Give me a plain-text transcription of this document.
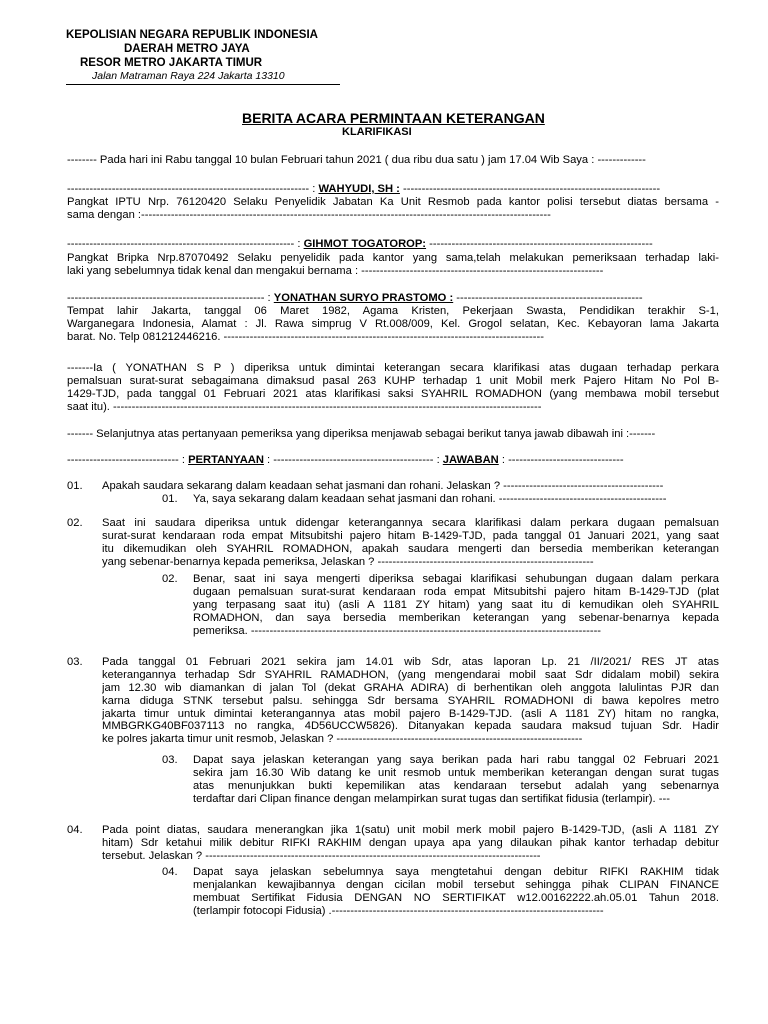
KEPOLISIAN NEGARA REPUBLIK INDONESIA
DAERAH METRO JAYA
RESOR METRO JAKARTA TIMUR
Jalan Matraman Raya 224 Jakarta 13310
BERITA ACARA PERMINTAAN KETERANGAN
KLARIFIKASI
-------- Pada hari ini Rabu tanggal 10 bulan Februari tahun 2021 ( dua ribu dua satu ) jam 17.04 Wib Saya : -------------
----------------------------------------------------------------- : WAHYUDI, SH : ---------------------------------------------------------------------
Pangkat IPTU Nrp. 76120420 Selaku Penyelidik Jabatan Ka Unit Resmob pada kantor polisi tersebut diatas bersama -
sama dengan :--------------------------------------------------------------------------------------------------------------
------------------------------------------------------------- : GIHMOT TOGATOROP: ------------------------------------------------------------
Pangkat Bripka Nrp.87070492 Selaku penyelidik pada kantor yang sama,telah melakukan pemeriksaan terhadap laki-
laki yang sebelumnya tidak kenal dan mengakui bernama : -----------------------------------------------------------------
----------------------------------------------------- : YONATHAN SURYO PRASTOMO : --------------------------------------------------
Tempat lahir Jakarta, tanggal 06 Maret 1982, Agama Kristen, Pekerjaan Swasta, Pendidikan terakhir S-1,
Warganegara Indonesia, Alamat : Jl. Rawa simprug V Rt.008/009, Kel. Grogol selatan, Kec. Kebayoran lama Jakarta
barat. No. Telp 081212446216. --------------------------------------------------------------------------------------
-------Ia ( YONATHAN S P ) diperiksa untuk dimintai keterangan secara klarifikasi atas dugaan terhadap perkara
pemalsuan surat-surat sebagaimana dimaksud pasal 263 KUHP terhadap 1 unit Mobil merk Pajero Hitam No Pol B-
1429-TJD, pada tanggal 01 Februari 2021 atas klarifikasi saksi SYAHRIL ROMADHON (yang membawa mobil tersebut
saat itu). -------------------------------------------------------------------------------------------------------------------
------- Selanjutnya atas pertanyaan pemeriksa yang diperiksa menjawab sebagai berikut tanya jawab dibawah ini :-------
------------------------------ : PERTANYAAN : ------------------------------------------- : JAWABAN : -------------------------------
01. Apakah saudara sekarang dalam keadaan sehat jasmani dan rohani. Jelaskan ? -------------------------------------------
01. Ya, saya sekarang dalam keadaan sehat jasmani dan rohani. ---------------------------------------------
02. Saat ini saudara diperiksa untuk didengar keterangannya secara klarifikasi dalam perkara dugaan pemalsuan
surat-surat kendaraan roda empat Mitsubitshi pajero hitam B-1429-TJD, pada tanggal 01 Januari 2021, yang saat
itu dikemudikan oleh SYAHRIL ROMADHON, apakah saudara mengerti dan bersedia memberikan keterangan
yang sebenar-benarnya kepada pemeriksa, Jelaskan ? ----------------------------------------------------------
02. Benar, saat ini saya mengerti diperiksa sebagai klarifikasi sehubungan dugaan dalam perkara
dugaan pemalsuan surat-surat kendaraan roda empat Mitsubitshi pajero hitam B-1429-TJD (plat
yang terpasang saat itu) (asli A 1181 ZY hitam) yang saat itu di kemudikan oleh SYAHRIL
ROMADHON, dan saya bersedia memberikan keterangan yang sebenar-benarnya kepada
pemeriksa. ----------------------------------------------------------------------------------------------
03. Pada tanggal 01 Februari 2021 sekira jam 14.01 wib Sdr, atas laporan Lp. 21 /II/2021/ RES JT atas
keterangannya terhadap Sdr SYAHRIL RAMADHON, (yang mengendarai mobil saat Sdr didalam mobil) sekira
jam 12.30 wib diamankan di jalan Tol (dekat GRAHA ADIRA) di berhentikan oleh anggota lalulintas PJR dan
karna diduga STNK tersebut palsu. sehingga Sdr bersama SYAHRIL ROMADHONI di bawa kepolres metro
jakarta timur untuk dimintai keterangannya atas mobil pajero B-1429-TJD. (asli A 1181 ZY) hitam no rangka,
MMBGRKG40BF037113 no rangka, 4D56UCCW5826). Ditanyakan kepada saudara maksud tujuan Sdr. Hadir
ke polres jakarta timur unit resmob, Jelaskan ? ------------------------------------------------------------------
03. Dapat saya jelaskan keterangan yang saya berikan pada hari rabu tanggal 02 Februari 2021
sekira jam 16.30 Wib datang ke unit resmob untuk memberikan keterangan dengan surat tugas
atas menunjukkan bukti kepemilikan atas kendaraan tersebut adalah yang sebenarnya
terdaftar dari Clipan finance dengan melampirkan surat tugas dan sertifikat fidusia (terlampir). ---
04. Pada point diatas, saudara menerangkan jika 1(satu) unit mobil merk mobil pajero B-1429-TJD, (asli A 1181 ZY
hitam) Sdr ketahui milik debitur RIFKI RAKHIM dengan upaya apa yang dilaukan pihak kantor terhadap debitur
tersebut. Jelaskan ? ------------------------------------------------------------------------------------------
04. Dapat saya jelaskan sebelumnya saya mengtetahui dengan debitur RIFKI RAKHIM tidak
menjalankan kewajibannya dengan cicilan mobil tersebut sehingga pihak CLIPAN FINANCE
membuat Sertifikat Fidusia DENGAN NO SERTIFIKAT w12.00162222.ah.05.01 Tahun 2018.
(terlampir fotocopi Fidusia) .-------------------------------------------------------------------------
